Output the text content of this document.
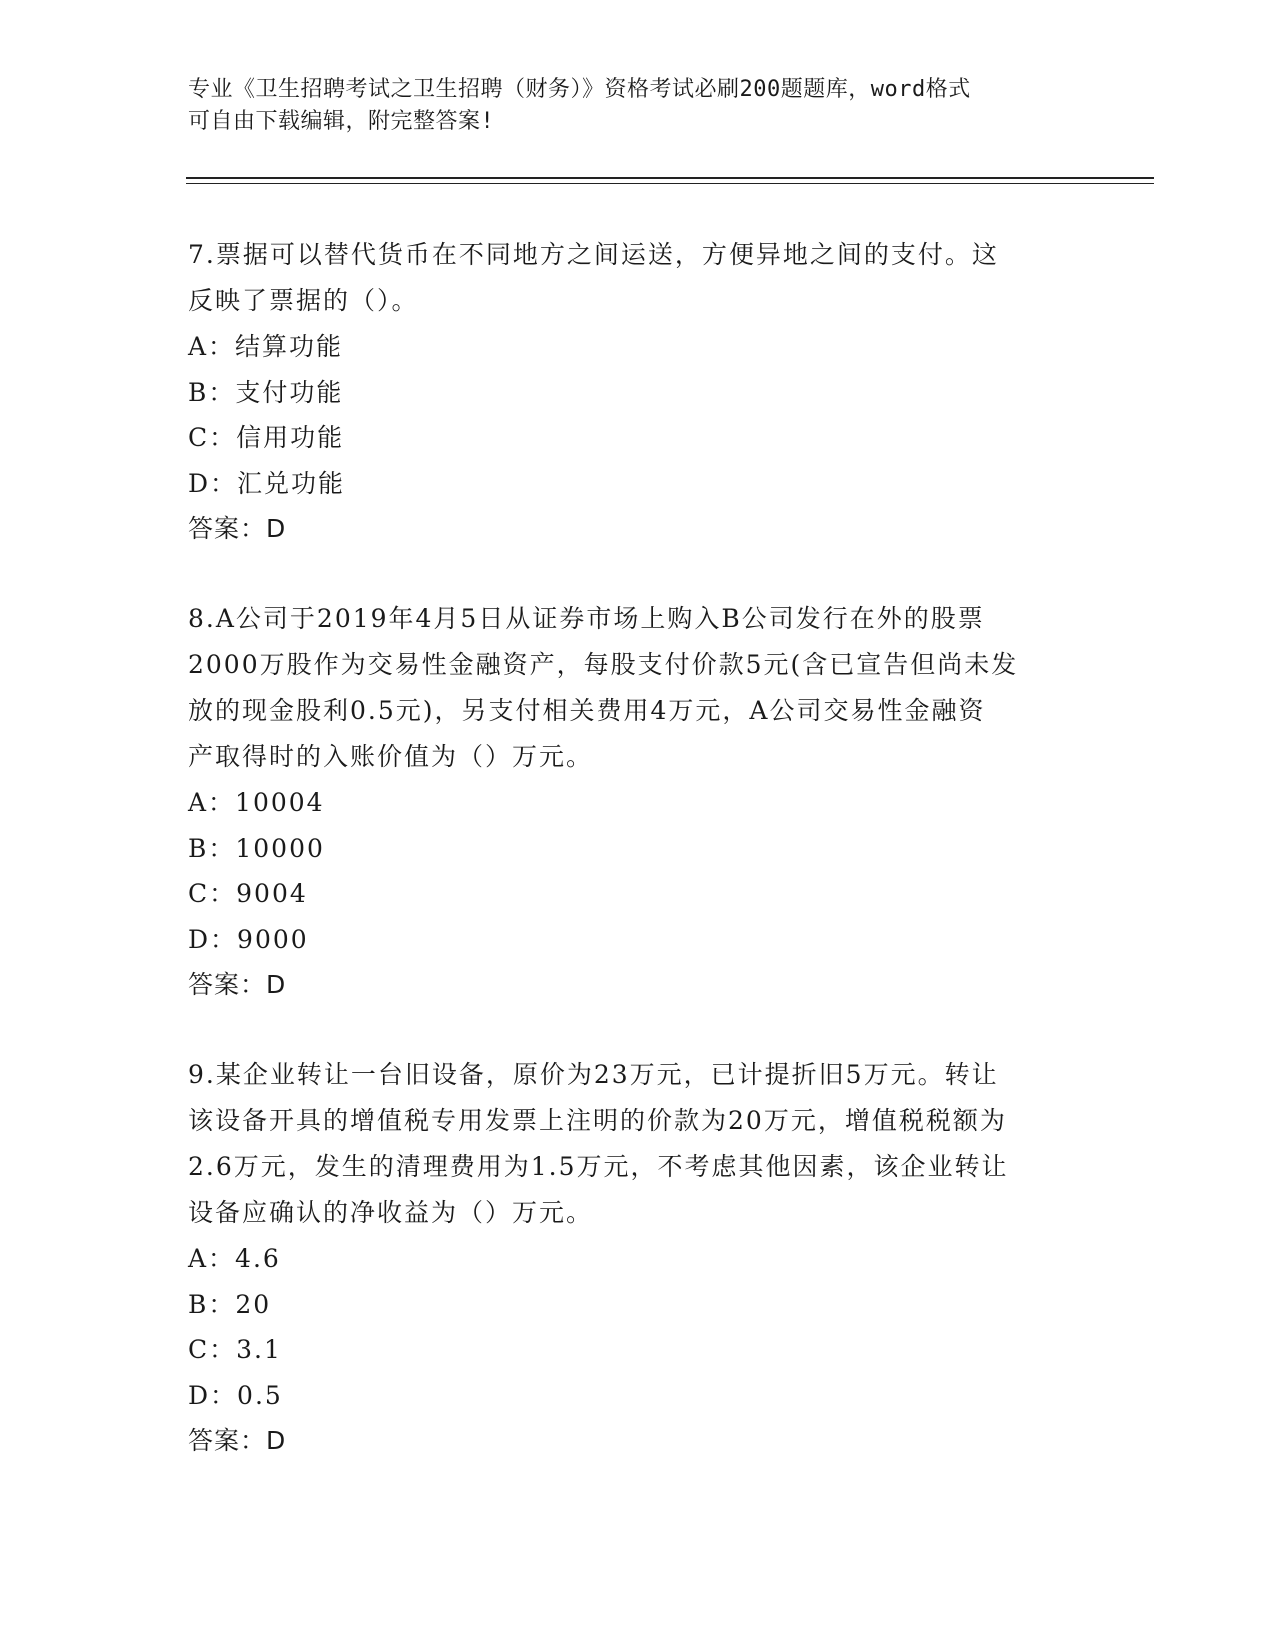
专业《卫生招聘考试之卫生招聘（财务）》资格考试必刷200题题库，word格式
可自由下载编辑，附完整答案!
7.票据可以替代货币在不同地方之间运送，方便异地之间的支付。这
反映了票据的（）。
A：结算功能
B：支付功能
C：信用功能
D：汇兑功能
答案：D
8.A公司于2019年4月5日从证券市场上购入B公司发行在外的股票
2000万股作为交易性金融资产，每股支付价款5元(含已宣告但尚未发
放的现金股利0.5元)，另支付相关费用4万元，A公司交易性金融资
产取得时的入账价值为（）万元。
A：10004
B：10000
C：9004
D：9000
答案：D
9.某企业转让一台旧设备，原价为23万元，已计提折旧5万元。转让
该设备开具的增值税专用发票上注明的价款为20万元，增值税税额为
2.6万元，发生的清理费用为1.5万元，不考虑其他因素，该企业转让
设备应确认的净收益为（）万元。
A：4.6
B：20
C：3.1
D：0.5
答案：D
